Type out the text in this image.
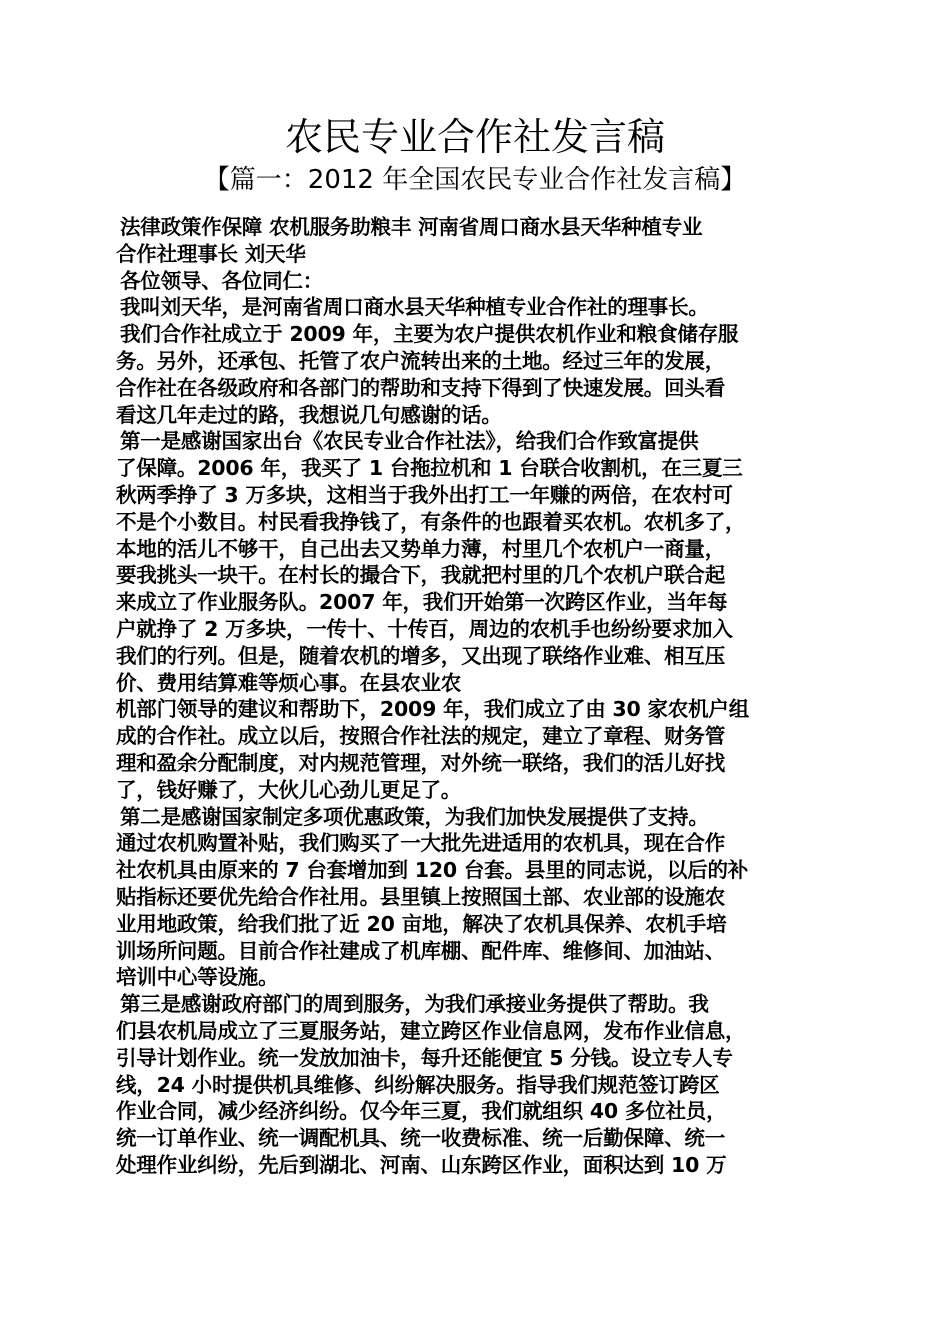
农民专业合作社发言稿
【篇一：2012 年全国农民专业合作社发言稿】
法律政策作保障 农机服务助粮丰 河南省周口商水县天华种植专业
合作社理事长 刘天华
各位领导、各位同仁：
我叫刘天华，是河南省周口商水县天华种植专业合作社的理事长。
我们合作社成立于 2009 年，主要为农户提供农机作业和粮食储存服
务。另外，还承包、托管了农户流转出来的土地。经过三年的发展，
合作社在各级政府和各部门的帮助和支持下得到了快速发展。回头看
看这几年走过的路，我想说几句感谢的话。
第一是感谢国家出台《农民专业合作社法》，给我们合作致富提供
了保障。2006 年，我买了 1 台拖拉机和 1 台联合收割机，在三夏三
秋两季挣了 3 万多块，这相当于我外出打工一年赚的两倍，在农村可
不是个小数目。村民看我挣钱了，有条件的也跟着买农机。农机多了，
本地的活儿不够干，自己出去又势单力薄，村里几个农机户一商量，
要我挑头一块干。在村长的撮合下，我就把村里的几个农机户联合起
来成立了作业服务队。2007 年，我们开始第一次跨区作业，当年每
户就挣了 2 万多块，一传十、十传百，周边的农机手也纷纷要求加入
我们的行列。但是，随着农机的增多，又出现了联络作业难、相互压
价、费用结算难等烦心事。在县农业农
机部门领导的建议和帮助下，2009 年，我们成立了由 30 家农机户组
成的合作社。成立以后，按照合作社法的规定，建立了章程、财务管
理和盈余分配制度，对内规范管理，对外统一联络，我们的活儿好找
了，钱好赚了，大伙儿心劲儿更足了。
第二是感谢国家制定多项优惠政策，为我们加快发展提供了支持。
通过农机购置补贴，我们购买了一大批先进适用的农机具，现在合作
社农机具由原来的 7 台套增加到 120 台套。县里的同志说，以后的补
贴指标还要优先给合作社用。县里镇上按照国土部、农业部的设施农
业用地政策，给我们批了近 20 亩地，解决了农机具保养、农机手培
训场所问题。目前合作社建成了机库棚、配件库、维修间、加油站、
培训中心等设施。
第三是感谢政府部门的周到服务，为我们承接业务提供了帮助。我
们县农机局成立了三夏服务站，建立跨区作业信息网，发布作业信息，
引导计划作业。统一发放加油卡，每升还能便宜 5 分钱。设立专人专
线，24 小时提供机具维修、纠纷解决服务。指导我们规范签订跨区
作业合同，减少经济纠纷。仅今年三夏，我们就组织 40 多位社员，
统一订单作业、统一调配机具、统一收费标准、统一后勤保障、统一
处理作业纠纷，先后到湖北、河南、山东跨区作业，面积达到 10 万
